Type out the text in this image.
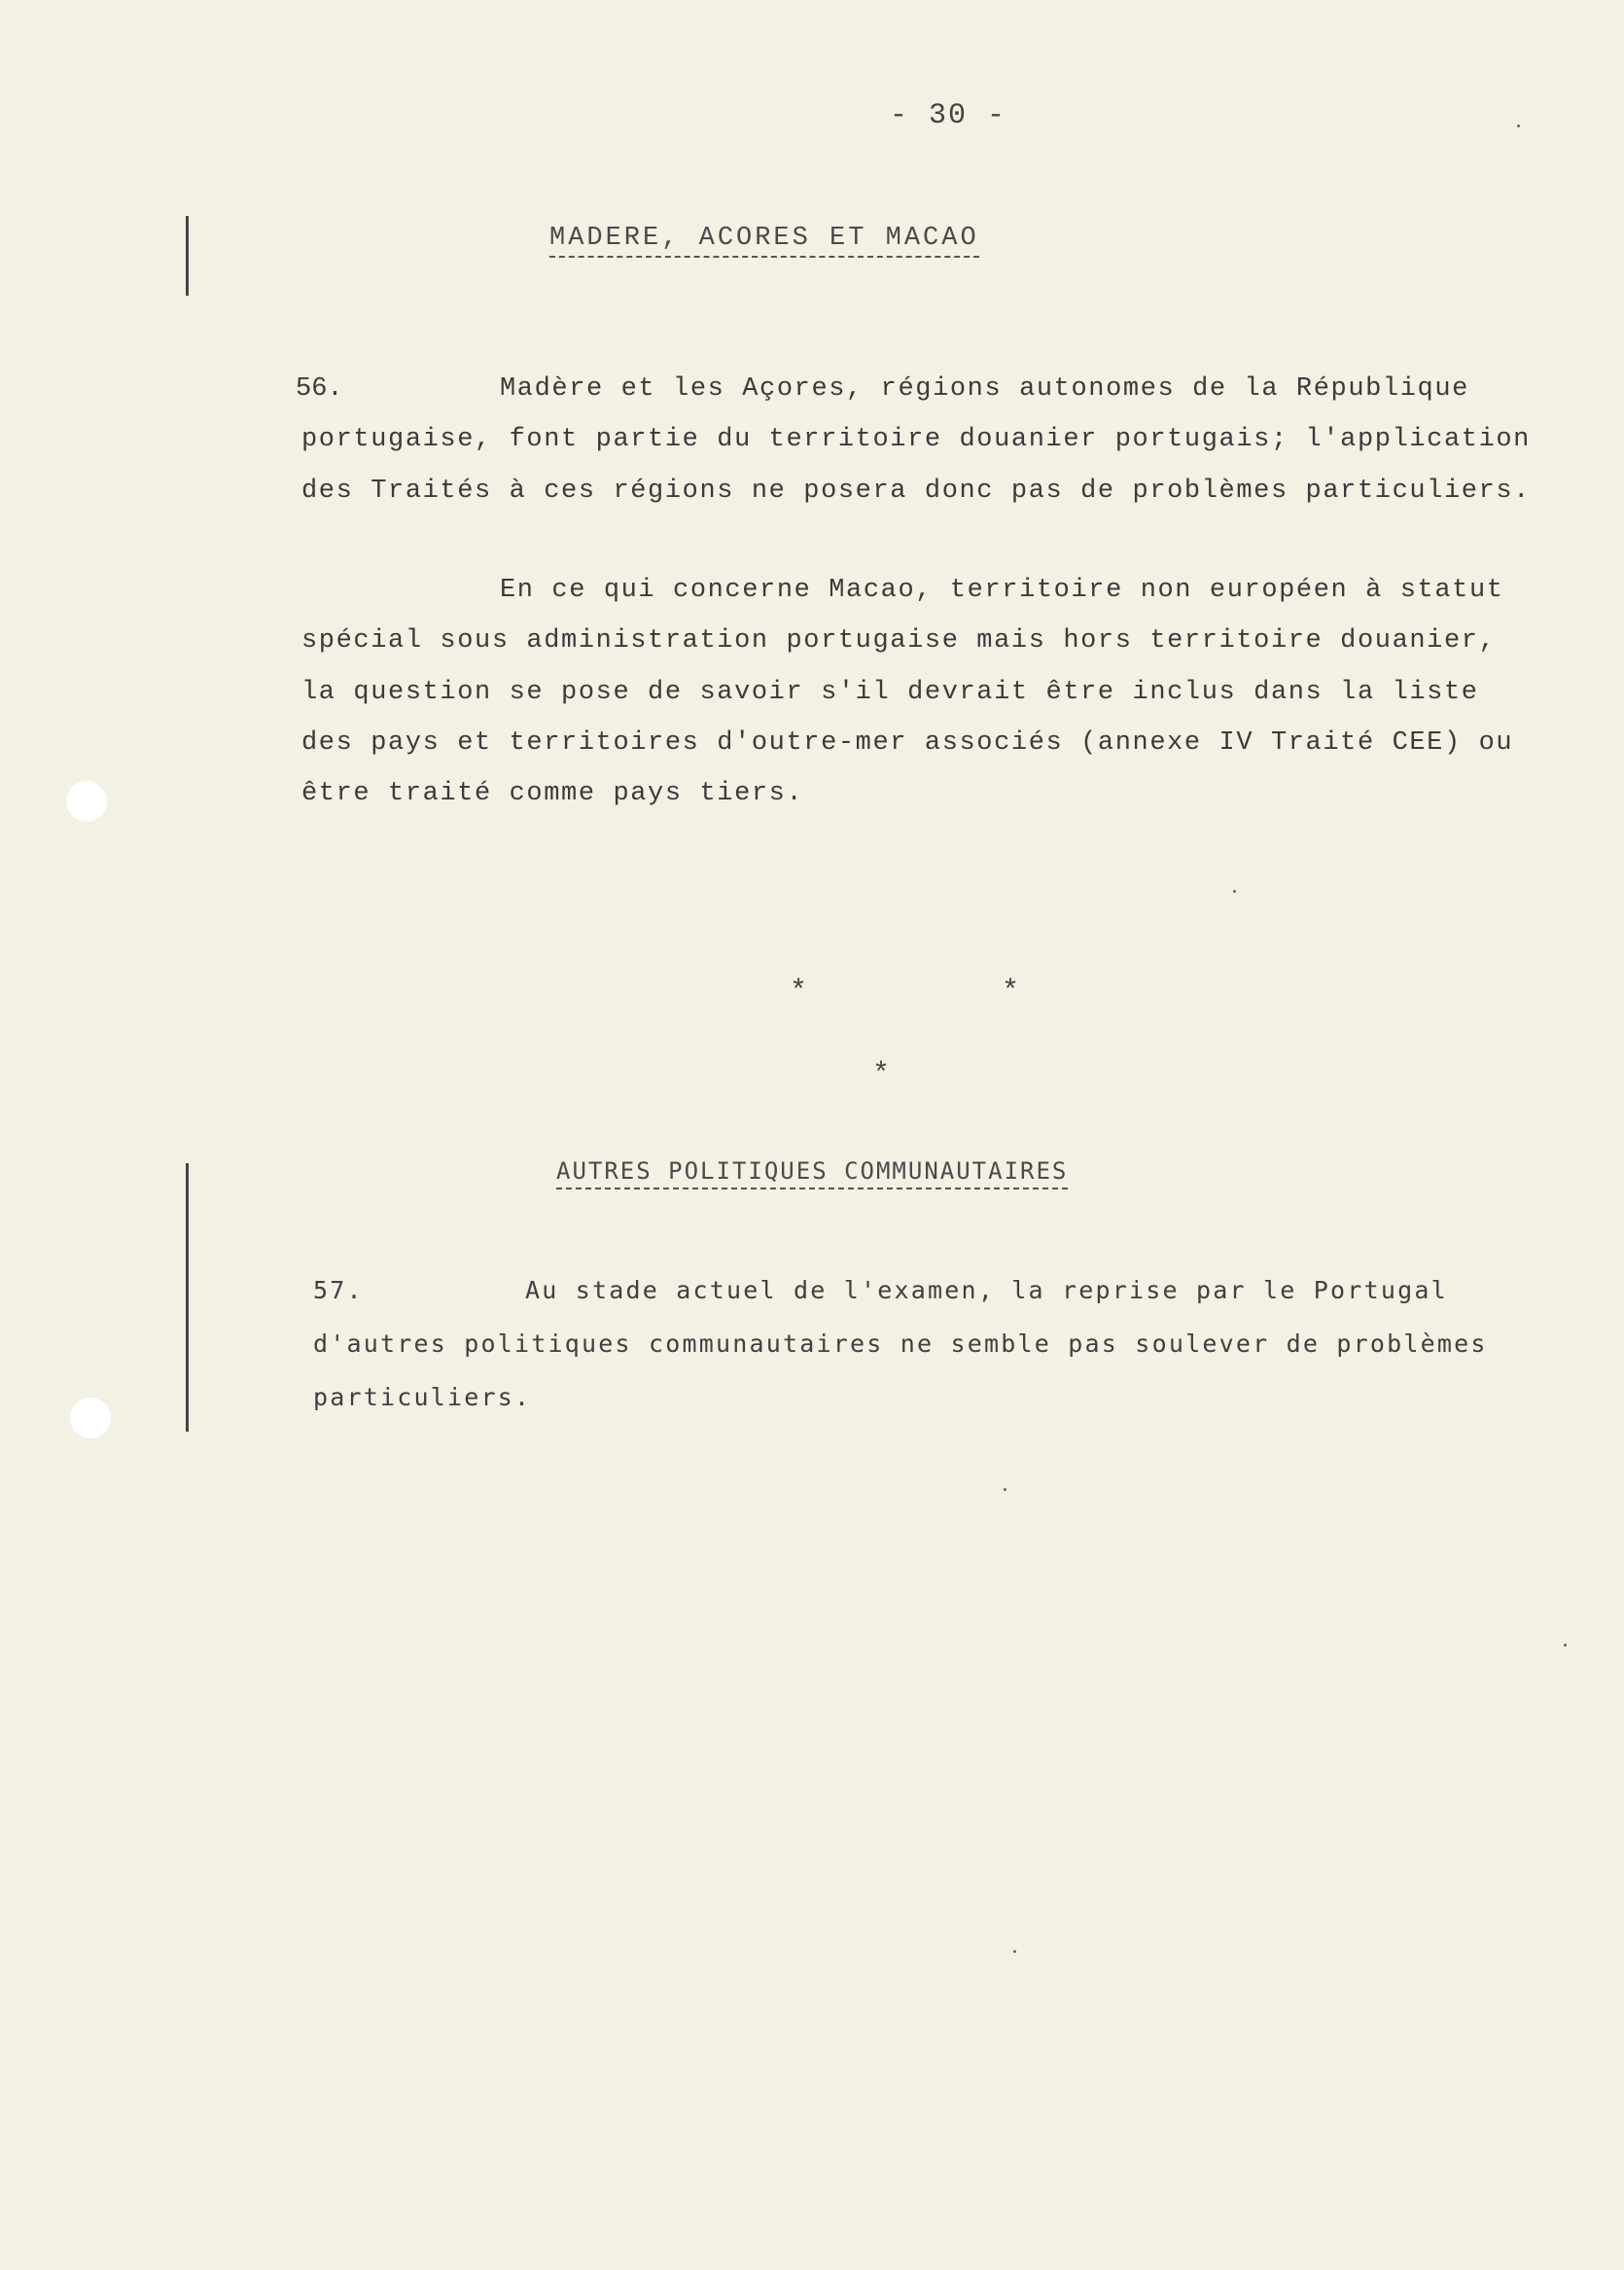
- 30 -
MADERE, ACORES ET MACAO
56.	Madère et les Açores, régions autonomes de la République
portugaise, font partie du territoire douanier portugais; l'application
des Traités à ces régions ne posera donc pas de problèmes particuliers.
En ce qui concerne Macao, territoire non européen à statut
spécial sous administration portugaise mais hors territoire douanier,
la question se pose de savoir s'il devrait être inclus dans la liste
des pays et territoires d'outre-mer associés (annexe IV Traité CEE) ou
être traité comme pays tiers.
*	*
*
AUTRES POLITIQUES COMMUNAUTAIRES
57.	Au stade actuel de l'examen, la reprise par le Portugal
d'autres politiques communautaires ne semble pas soulever de problèmes
particuliers.
